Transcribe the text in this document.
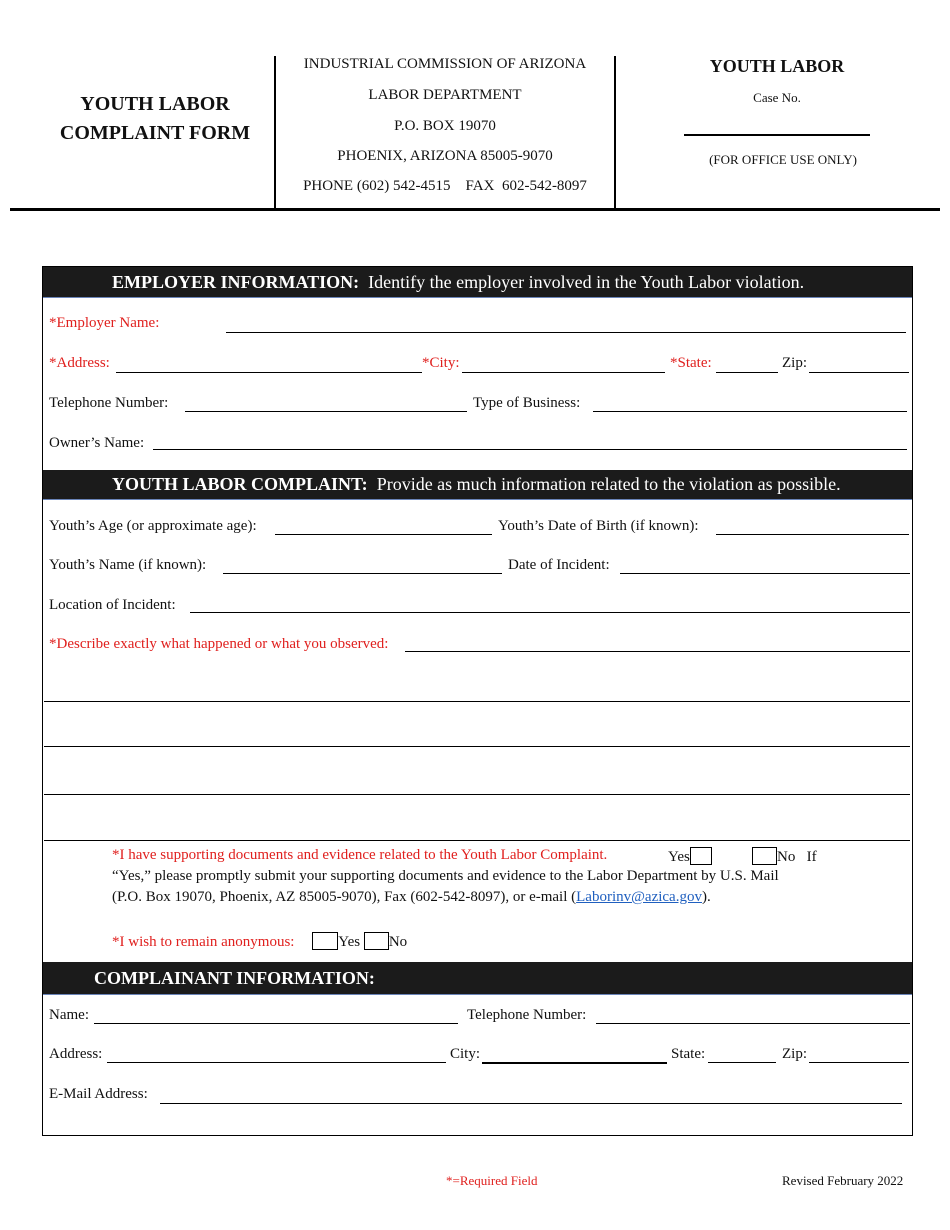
YOUTH LABOR
COMPLAINT FORM
INDUSTRIAL COMMISSION OF ARIZONA
LABOR DEPARTMENT
P.O. BOX 19070
PHOENIX, ARIZONA 85005-9070
PHONE (602) 542-4515    FAX  602-542-8097
YOUTH LABOR
Case No.
(FOR OFFICE USE ONLY)
EMPLOYER INFORMATION: Identify the employer involved in the Youth Labor violation.
*Employer Name:
*Address:	*City:	*State:	Zip:
Telephone Number:	Type of Business:
Owner’s Name:
YOUTH LABOR COMPLAINT: Provide as much information related to the violation as possible.
Youth’s Age (or approximate age):	Youth’s Date of Birth (if known):
Youth’s Name (if known):	Date of Incident:
Location of Incident:
*Describe exactly what happened or what you observed:
*I have supporting documents and evidence related to the Youth Labor Complaint.	Yes	No If
“Yes,” please promptly submit your supporting documents and evidence to the Labor Department by U.S. Mail
(P.O. Box 19070, Phoenix, AZ 85005-9070), Fax (602-542-8097), or e-mail (Laborinv@azica.gov).
*I wish to remain anonymous:	Yes No
COMPLAINANT INFORMATION:
Name:	Telephone Number:
Address:	City:	State:	Zip:
E-Mail Address:
*=Required Field	Revised February 2022
